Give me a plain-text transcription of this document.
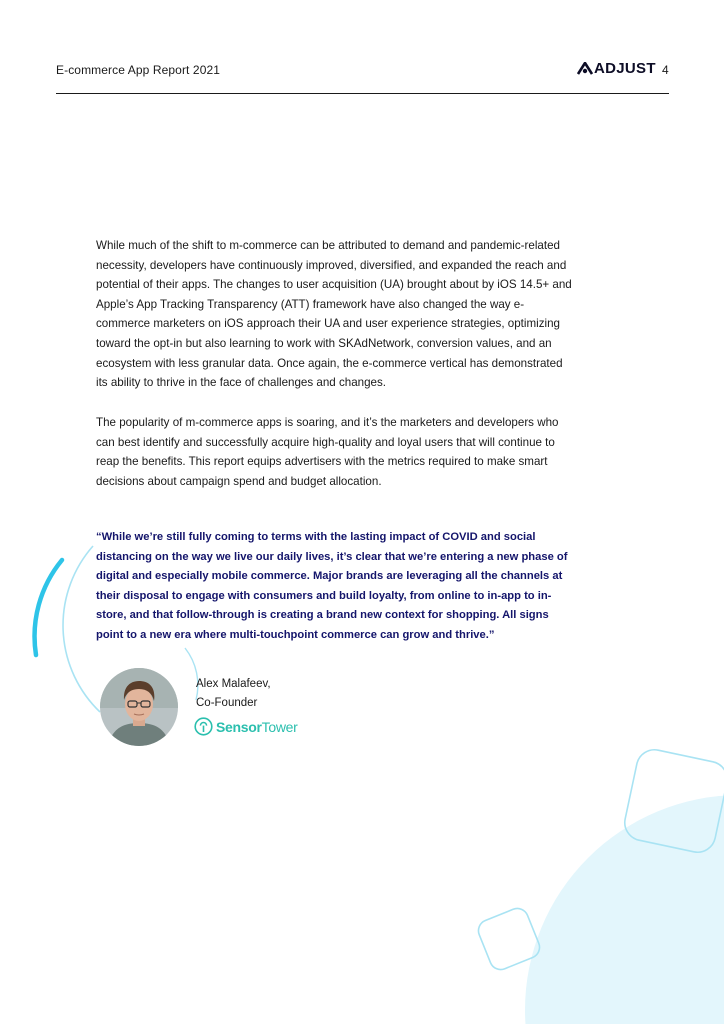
E-commerce App Report 2021	ADJUST 4

While much of the shift to m-commerce can be attributed to demand and pandemic-related necessity, developers have continuously improved, diversified, and expanded the reach and potential of their apps. The changes to user acquisition (UA) brought about by iOS 14.5+ and Apple’s App Tracking Transparency (ATT) framework have also changed the way e-commerce marketers on iOS approach their UA and user experience strategies, optimizing toward the opt-in but also learning to work with SKAdNetwork, conversion values, and an ecosystem with less granular data. Once again, the e-commerce vertical has demonstrated its ability to thrive in the face of challenges and changes.

The popularity of m-commerce apps is soaring, and it’s the marketers and developers who can best identify and successfully acquire high-quality and loyal users that will continue to reap the benefits. This report equips advertisers with the metrics required to make smart decisions about campaign spend and budget allocation.

“While we’re still fully coming to terms with the lasting impact of COVID and social distancing on the way we live our daily lives, it’s clear that we’re entering a new phase of digital and especially mobile commerce. Major brands are leveraging all the channels at their disposal to engage with consumers and build loyalty, from online to in-app to in-store, and that follow-through is creating a brand new context for shopping. All signs point to a new era where multi-touchpoint commerce can grow and thrive.”

Alex Malafeev,
Co-Founder
SensorTower
